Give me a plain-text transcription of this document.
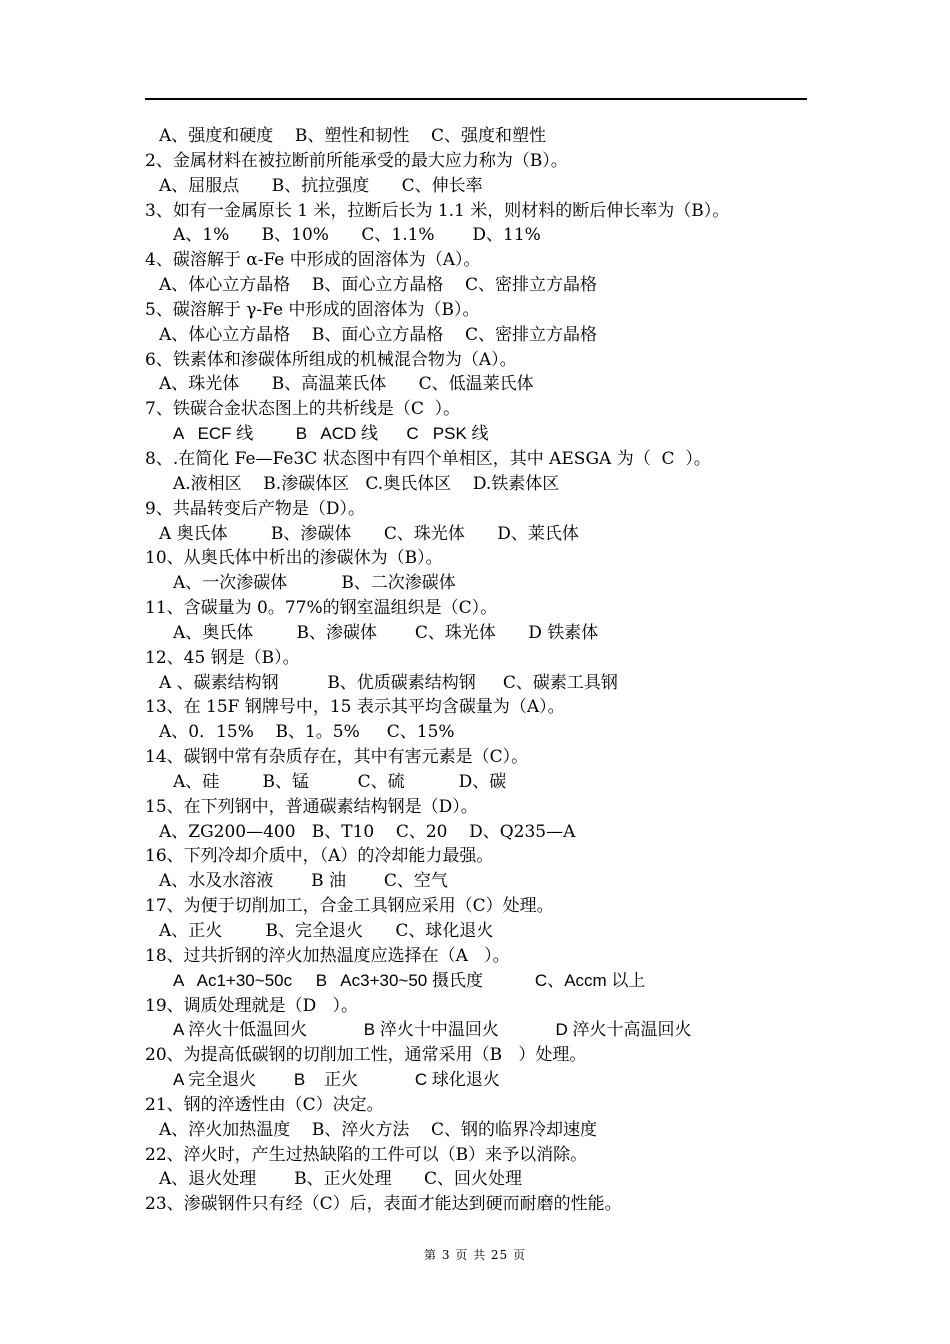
A、强度和硬度    B、塑性和韧性    C、强度和塑性
2、金属材料在被拉断前所能承受的最大应力称为（B）。
A、屈服点      B、抗拉强度      C、伸长率
3、如有一金属原长 1 米，拉断后长为 1.1 米，则材料的断后伸长率为（B）。
A、1%      B、10%      C、1.1%       D、11%
4、碳溶解于 α-Fe 中形成的固溶体为（A）。
A、体心立方晶格    B、面心立方晶格    C、密排立方晶格
5、碳溶解于 γ-Fe 中形成的固溶体为（B）。
A、体心立方晶格    B、面心立方晶格    C、密排立方晶格
6、铁素体和渗碳体所组成的机械混合物为（A）。
A、珠光体      B、高温莱氏体      C、低温莱氏体
7、铁碳合金状态图上的共析线是（C  ）。
A   ECF 线         B   ACD 线      C   PSK 线
8、.在简化 Fe—Fe3C 状态图中有四个单相区，其中 AESGA 为（  C  ）。
A.液相区    B.渗碳体区   C.奥氏体区    D.铁素体区
9、共晶转变后产物是（D）。
A 奥氏体        B、渗碳体      C、珠光体      D、莱氏体
10、从奥氏体中析出的渗碳休为（B）。
A、一次渗碳体          B、二次渗碳体
11、含碳量为 0。77%的钢室温组织是（C）。
A、奥氏体        B、渗碳体       C、珠光体      D 铁素体
12、45 钢是（B）。
A 、碳素结构钢         B、优质碳素结构钢     C、碳素工具钢
13、在 15F 钢牌号中，15 表示其平均含碳量为（A）。
A、0．15%    B、1。5%     C、15%
14、碳钢中常有杂质存在，其中有害元素是（C）。
A、硅        B、锰         C、硫          D、碳
15、在下列钢中，普通碳素结构钢是（D）。
A、ZG200—400   B、T10    C、20    D、Q235—A
16、下列冷却介质中，（A）的冷却能力最强。
A、水及水溶液       B 油       C、空气
17、为便于切削加工，合金工具钢应采用（C）处理。
A、正火        B、完全退火      C、球化退火
18、过共折钢的淬火加热温度应选择在（A   ）。
A   Ac1+30~50c     B   Ac3+30~50 摄氏度           C、Accm 以上
19、调质处理就是（D   ）。
A 淬火十低温回火            B 淬火十中温回火            D 淬火十高温回火
20、为提高低碳钢的切削加工性，通常采用（B   ）处理。
A 完全退火        B    正火            C 球化退火
21、钢的淬透性由（C）决定。
A、淬火加热温度    B、淬火方法    C、钢的临界冷却速度
22、淬火时，产生过热缺陷的工件可以（B）来予以消除。
A、退火处理       B、正火处理      C、回火处理
23、渗碳钢件只有经（C）后，表面才能达到硬而耐磨的性能。
第 3 页 共 25 页
